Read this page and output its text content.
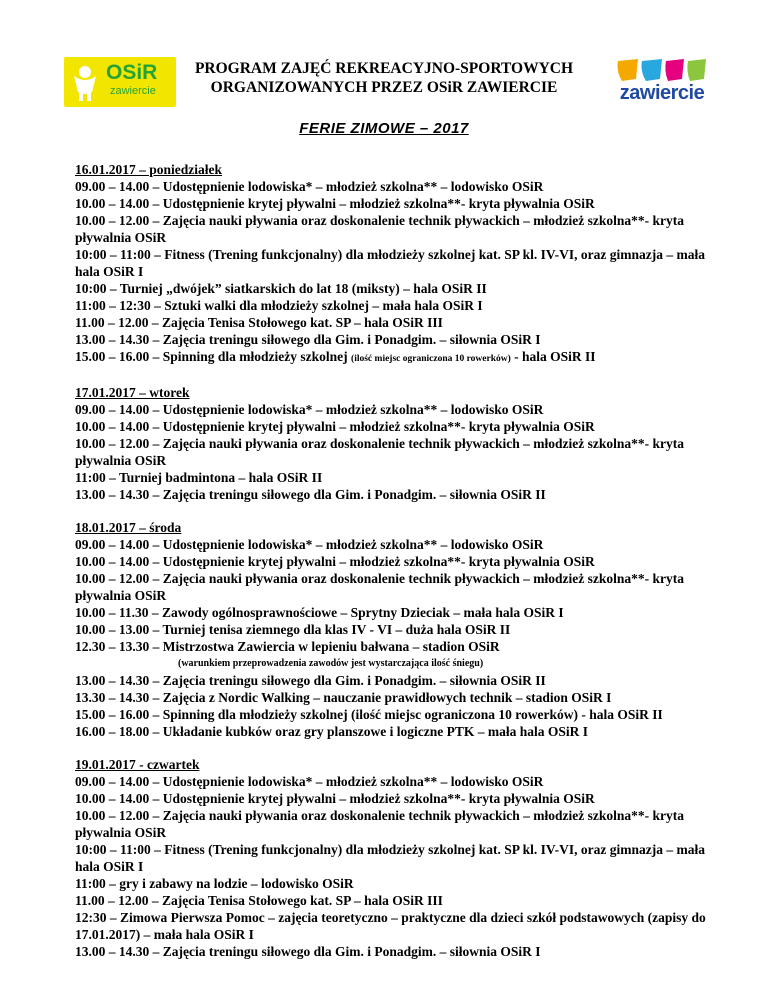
OSiR
zawiercie
PROGRAM ZAJĘĆ REKREACYJNO-SPORTOWYCH
ORGANIZOWANYCH PRZEZ OSiR ZAWIERCIE	zawiercie
FERIE ZIMOWE – 2017
16.01.2017 – poniedziałek
09.00 – 14.00 – Udostępnienie lodowiska* – młodzież szkolna** – lodowisko OSiR
10.00 – 14.00 – Udostępnienie krytej pływalni – młodzież szkolna**- kryta pływalnia OSiR
10.00 – 12.00 – Zajęcia nauki pływania oraz doskonalenie technik pływackich – młodzież szkolna**- kryta pływalnia OSiR
10:00 – 11:00 – Fitness (Trening funkcjonalny) dla młodzieży szkolnej kat. SP kl. IV-VI, oraz gimnazja – mała hala OSiR I
10:00 – Turniej „dwójek” siatkarskich do lat 18 (miksty) – hala OSiR II
11:00 – 12:30 – Sztuki walki dla młodzieży szkolnej – mała hala OSiR I
11.00 – 12.00 – Zajęcia Tenisa Stołowego kat. SP – hala OSiR III
13.00 – 14.30 – Zajęcia treningu siłowego dla Gim. i Ponadgim. – siłownia OSiR I
15.00 – 16.00 – Spinning dla młodzieży szkolnej (ilość miejsc ograniczona 10 rowerków) - hala OSiR II
17.01.2017 – wtorek
09.00 – 14.00 – Udostępnienie lodowiska* – młodzież szkolna** – lodowisko OSiR
10.00 – 14.00 – Udostępnienie krytej pływalni – młodzież szkolna**- kryta pływalnia OSiR
10.00 – 12.00 – Zajęcia nauki pływania oraz doskonalenie technik pływackich – młodzież szkolna**- kryta pływalnia OSiR
11:00 – Turniej badmintona – hala OSiR II
13.00 – 14.30 – Zajęcia treningu siłowego dla Gim. i Ponadgim. – siłownia OSiR II
18.01.2017 – środa
09.00 – 14.00 – Udostępnienie lodowiska* – młodzież szkolna** – lodowisko OSiR
10.00 – 14.00 – Udostępnienie krytej pływalni – młodzież szkolna**- kryta pływalnia OSiR
10.00 – 12.00 – Zajęcia nauki pływania oraz doskonalenie technik pływackich – młodzież szkolna**- kryta pływalnia OSiR
10.00 – 11.30 – Zawody ogólnosprawnościowe – Sprytny Dzieciak – mała hala OSiR I
10.00 – 13.00 – Turniej tenisa ziemnego dla klas IV - VI – duża hala OSiR II
12.30 – 13.30 – Mistrzostwa Zawiercia w lepieniu bałwana – stadion OSiR
(warunkiem przeprowadzenia zawodów jest wystarczająca ilość śniegu)
13.00 – 14.30 – Zajęcia treningu siłowego dla Gim. i Ponadgim. – siłownia OSiR II
13.30 – 14.30 – Zajęcia z Nordic Walking – nauczanie prawidłowych technik – stadion OSiR I
15.00 – 16.00 – Spinning dla młodzieży szkolnej (ilość miejsc ograniczona 10 rowerków) - hala OSiR II
16.00 – 18.00 – Układanie kubków oraz gry planszowe i logiczne PTK – mała hala OSiR I
19.01.2017 - czwartek
09.00 – 14.00 – Udostępnienie lodowiska* – młodzież szkolna** – lodowisko OSiR
10.00 – 14.00 – Udostępnienie krytej pływalni – młodzież szkolna**- kryta pływalnia OSiR
10.00 – 12.00 – Zajęcia nauki pływania oraz doskonalenie technik pływackich – młodzież szkolna**- kryta pływalnia OSiR
10:00 – 11:00 – Fitness (Trening funkcjonalny) dla młodzieży szkolnej kat. SP kl. IV-VI, oraz gimnazja – mała hala OSiR I
11:00 – gry i zabawy na lodzie – lodowisko OSiR
11.00 – 12.00 – Zajęcia Tenisa Stołowego kat. SP – hala OSiR III
12:30 – Zimowa Pierwsza Pomoc – zajęcia teoretyczno – praktyczne dla dzieci szkół podstawowych (zapisy do 17.01.2017) – mała hala OSiR I
13.00 – 14.30 – Zajęcia treningu siłowego dla Gim. i Ponadgim. – siłownia OSiR I
